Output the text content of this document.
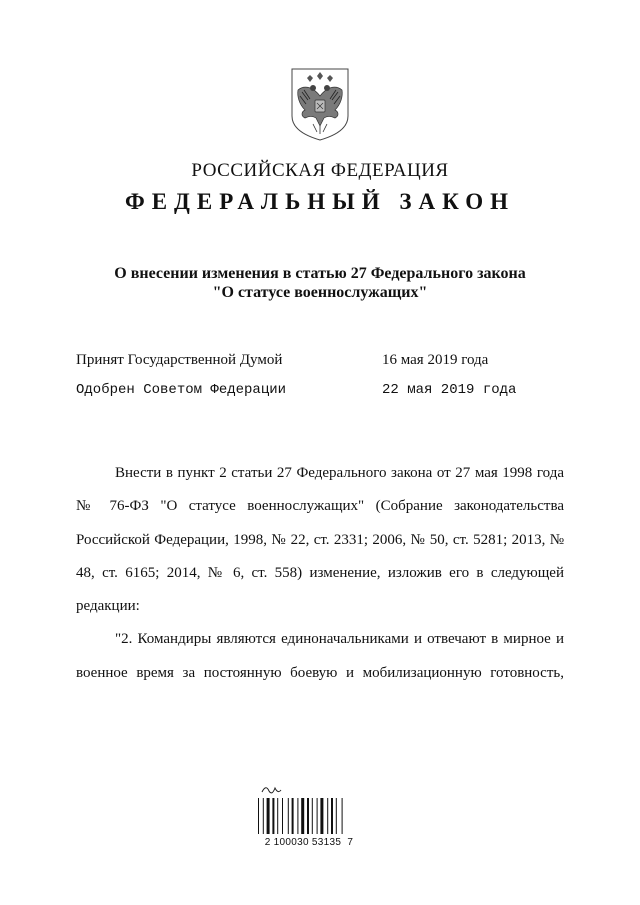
РОССИЙСКАЯ ФЕДЕРАЦИЯ
ФЕДЕРАЛЬНЫЙ ЗАКОН
О внесении изменения в статью 27 Федерального закона
"О статусе военнослужащих"
Принят Государственной Думой	16 мая 2019 года
Одобрен Советом Федерации	22 мая 2019 года

Внести в пункт 2 статьи 27 Федерального закона от 27 мая 1998 года № 76-ФЗ "О статусе военнослужащих" (Собрание законодательства Российской Федерации, 1998, № 22, ст. 2331; 2006, № 50, ст. 5281; 2013, № 48, ст. 6165; 2014, № 6, ст. 558) изменение, изложив его в следующей редакции:

"2. Командиры являются единоначальниками и отвечают в мирное и военное время за постоянную боевую и мобилизационную готовность,

2 100030 53135  7
